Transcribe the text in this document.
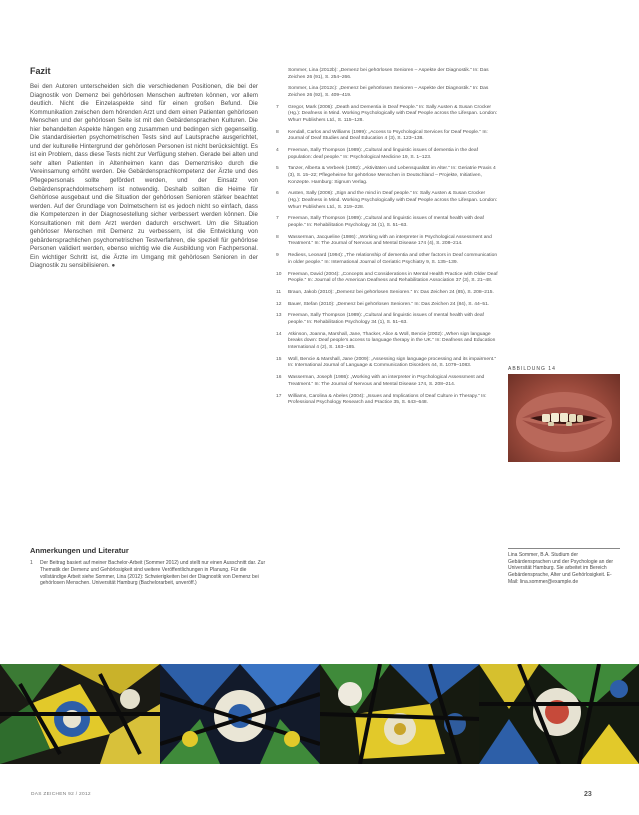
Fazit

Bei den Autoren unterscheiden sich die verschiedenen Positionen, die bei der Diagnostik von Demenz bei gehörlosen Menschen auftreten können, vor allem deutlich. Nicht die Einzelaspekte sind für einen großen Befund. Die Kommunikation zwischen dem hörenden Arzt und dem einen Patienten gehörlosen Menschen und der gehörlosen Seite ist mit den Gebärdensprachen Kulturen. Die hier behandelten Aspekte hängen eng zusammen und bedingen sich gegenseitig. Die standardisierten psychometrischen Tests sind auf Lautsprache ausgerichtet, und der kulturelle Hintergrund der gehörlosen Personen ist nicht berücksichtigt. Es ist ein Problem, dass diese Tests nicht zur Verfügung stehen. Gerade bei alten und sehr alten Patienten in Altenheimen kann das Demenzrisiko durch die Vereinsamung erhöht werden. Die Gebärdensprachkompetenz der Ärzte und des Pflegepersonals sollte gefördert werden, und der Einsatz von Gebärdensprachdolmetschern ist notwendig. Deshalb sollten die Heime für Gehörlose ausgebaut und die Situation der gehörlosen Senioren stärker beachtet werden. Auf der Grundlage von Dolmetschern ist es jedoch nicht so einfach, dass die Kompetenzen in der Diagnosestellung sicher verbessert werden können. Die Konsultationen mit dem Arzt werden dadurch erschwert. Um die Situation gehörloser Menschen mit Demenz zu verbessern, ist die Entwicklung von gebärdensprachlichen psychometrischen Testverfahren, die speziell für gehörlose Personen validiert werden, ebenso wichtig wie die Ausbildung von Fachpersonal. Ein wichtiger Schritt ist, die Ärzte im Umgang mit gehörlosen Senioren in der Diagnostik zu sensibilisieren. ●

Anmerkungen und Literatur
1	Der Beitrag basiert auf meiner Bachelor-Arbeit (Sommer 2012) und stellt nur einen Ausschnitt dar. Zur Thematik der Demenz und Gehörlosigkeit sind weitere Veröffentlichungen in Planung. Für die vollständige Arbeit siehe Sommer, Lina (2012): Schwierigkeiten bei der Diagnostik von Demenz bei gehörlosen Menschen. Universität Hamburg (Bachelorarbeit, unveröff.)
Sommer, Lina (2012b): „Demenz bei gehörlosen Senioren – Aspekte der Diagnostik.“ In: Das Zeichen 26 (91), S. 254–266.
Sommer, Lina (2012c): „Demenz bei gehörlosen Senioren – Aspekte der Diagnostik.“ In: Das Zeichen 26 (92), S. 409–419.
7	Gregor, Mark (2006): „Death and Dementia in Deaf People.“ In: Sally Austen & Susan Crocker (Hg.): Deafness in Mind. Working Psychologically with Deaf People across the Lifespan. London: Whurr Publishers Ltd., S. 115–128.
8	Kendall, Carlos and Williams (1999): „Access to Psychological Services for Deaf People.“ In: Journal of Deaf Studies and Deaf Education 4 (3), S. 123–138.
4	Freeman, Sally Thompson (1989): „Cultural and linguistic issues of dementia in the deaf population: deaf people.“ In: Psychological Medicine 19, S. 1–123.
5	Tanzer, Alberta & Verbeek (1992): „Aktivitäten und Lebensqualität im Alter.“ In: Geriatrie Praxis 4 (3), S. 15–22; Pflegeheime für gehörlose Menschen in Deutschland – Projekte, Initiativen, Konzepte. Hamburg: Signum Verlag.
6	Austen, Sally (2006): „Sign and the mind in Deaf people.“ In: Sally Austen & Susan Crocker (Hg.): Deafness in Mind. Working Psychologically with Deaf People across the Lifespan. London: Whurr Publishers Ltd., S. 219–228.
7	Freeman, Sally Thompson (1989): „Cultural and linguistic issues of mental health with deaf people.“ In: Rehabilitation Psychology 34 (1), S. 51–63.
8	Wasserman, Jacqueline (1986): „Working with an interpreter in Psychological Assessment and Treatment.“ In: The Journal of Nervous and Mental Disease 174 (4), S. 208–214.
9	Rediess, Leonard (1994): „The relationship of dementia and other factors in Deaf communication in older people.“ In: International Journal of Geriatric Psychiatry 9, S. 135–139.
10	Freeman, David (2004): „Concepts and Considerations in Mental Health Practice with Older Deaf People.“ In: Journal of the American Deafness and Rehabilitation Association 37 (3), S. 21–48.
11	Braun, Jakob (2010): „Demenz bei gehörlosen Senioren.“ In: Das Zeichen 24 (85), S. 208–215.
12	Bauer, Stefan (2010): „Demenz bei gehörlosen Senioren.“ In: Das Zeichen 24 (84), S. 44–51.
13	Freeman, Sally Thompson (1989): „Cultural and linguistic issues of mental health with deaf people.“ In: Rehabilitation Psychology 34 (1), S. 51–63.
14	Atkinson, Joanna, Marshall, Jane, Thacker, Alice & Woll, Bencie (2002): „When sign language breaks down: Deaf people’s access to language therapy in the UK.“ In: Deafness and Education International 4 (2), S. 163–185.
15	Woll, Bencie & Marshall, Jane (2009): „Assessing sign language processing and its impairment.“ In: International Journal of Language & Communication Disorders 44, S. 1079–1083.
16	Wasserman, Joseph (1986): „Working with an interpreter in Psychological Assessment and Treatment.“ In: The Journal of Nervous and Mental Disease 174, S. 208–214.
17	Williams, Carolina & Abeles (2004): „Issues and Implications of Deaf Culture in Therapy.“ In: Professional Psychology Research and Practice 35, S. 643–648.
ABBILDUNG 14

Lina Sommer, B.A. Studium der Gebärdensprachen und der Psychologie an der Universität Hamburg. Sie arbeitet im Bereich Gebärdensprache, Alter und Gehörlosigkeit. E-Mail: lina.sommer@example.de

DAS ZEICHEN 92 / 2012	23
